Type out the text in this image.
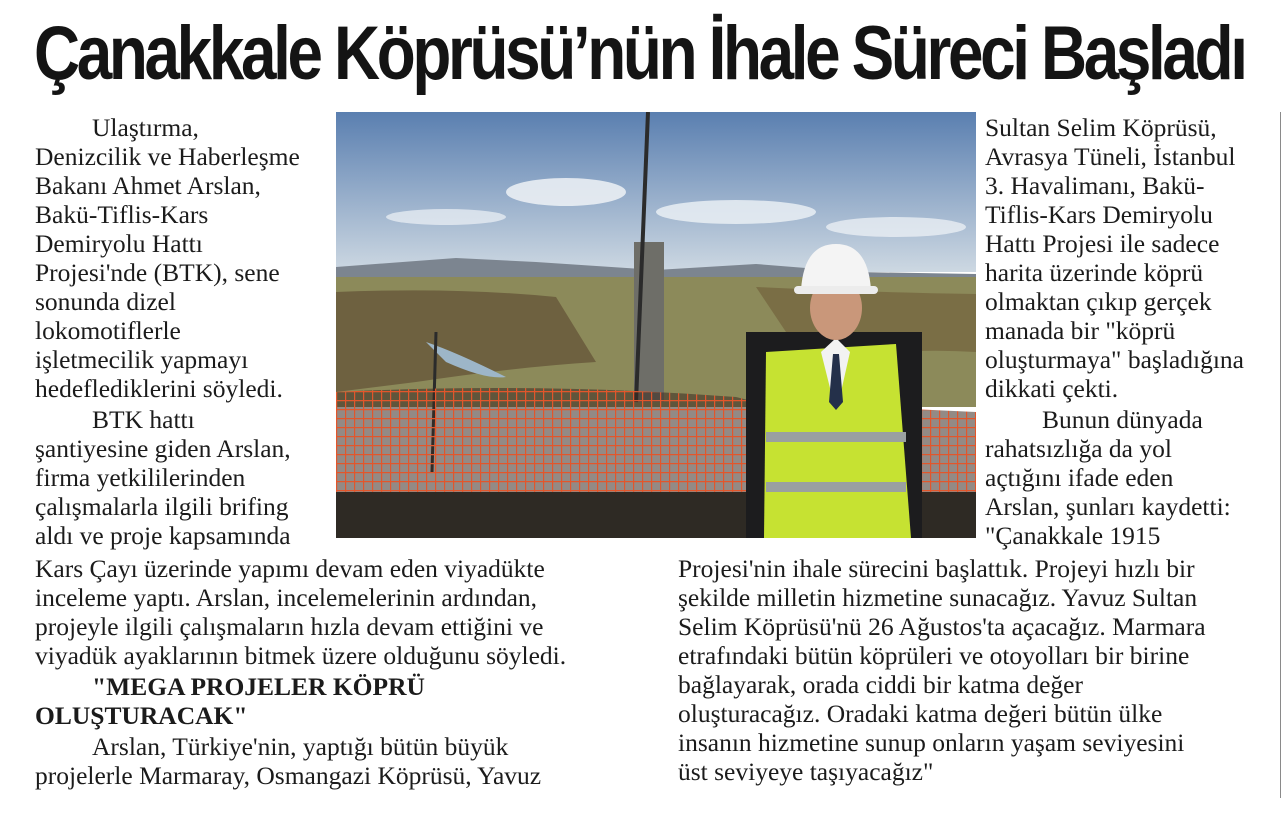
Çanakkale Köprüsü’nün İhale Süreci Başladı
Ulaştırma,
Denizcilik ve Haberleşme
Bakanı Ahmet Arslan,
Bakü-Tiflis-Kars
Demiryolu Hattı
Projesi'nde (BTK), sene
sonunda dizel
lokomotiflerle
işletmecilik yapmayı
hedeflediklerini söyledi.
BTK hattı
şantiyesine giden Arslan,
firma yetkililerinden
çalışmalarla ilgili brifing
aldı ve proje kapsamında
Kars Çayı üzerinde yapımı devam eden viyadükte
inceleme yaptı. Arslan, incelemelerinin ardından,
projeyle ilgili çalışmaların hızla devam ettiğini ve
viyadük ayaklarının bitmek üzere olduğunu söyledi.
"MEGA PROJELER KÖPRÜ
OLUŞTURACAK"
Arslan, Türkiye'nin, yaptığı bütün büyük
projelerle Marmaray, Osmangazi Köprüsü, Yavuz
Sultan Selim Köprüsü,
Avrasya Tüneli, İstanbul
3. Havalimanı, Bakü-
Tiflis-Kars Demiryolu
Hattı Projesi ile sadece
harita üzerinde köprü
olmaktan çıkıp gerçek
manada bir "köprü
oluşturmaya" başladığına
dikkati çekti.
Bunun dünyada
rahatsızlığa da yol
açtığını ifade eden
Arslan, şunları kaydetti:
"Çanakkale 1915
Projesi'nin ihale sürecini başlattık. Projeyi hızlı bir
şekilde milletin hizmetine sunacağız. Yavuz Sultan
Selim Köprüsü'nü 26 Ağustos'ta açacağız. Marmara
etrafındaki bütün köprüleri ve otoyolları bir birine
bağlayarak, orada ciddi bir katma değer
oluşturacağız. Oradaki katma değeri bütün ülke
insanın hizmetine sunup onların yaşam seviyesini
üst seviyeye taşıyacağız"
